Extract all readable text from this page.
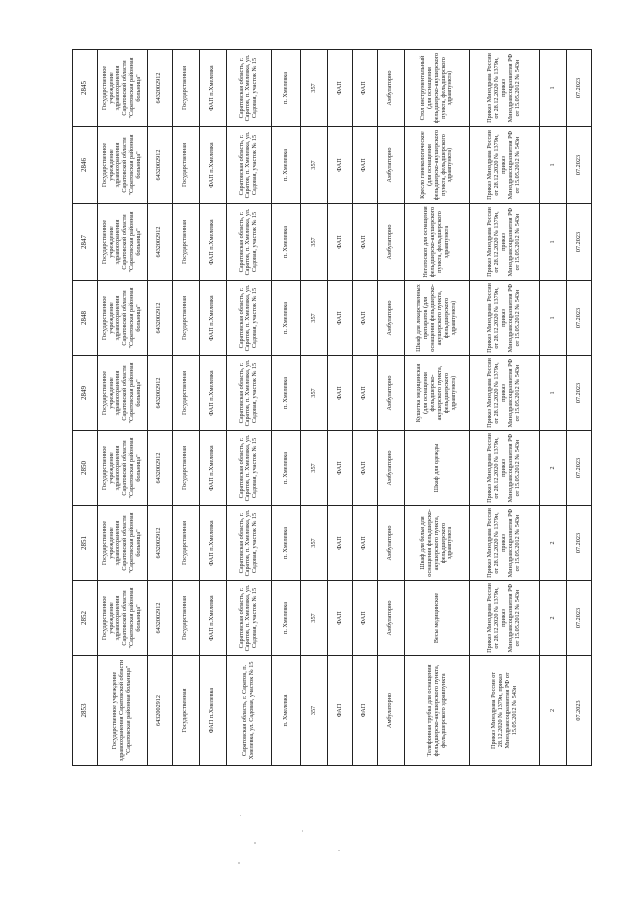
2853	2852	2851	2850	2849	2848	2847	2846	2845
Государственное учреждение здравоохранения Саратовской области "Саратовская районная больница"	Государственное учреждение здравоохранения Саратовской области "Саратовская районная больница"	Государственное учреждение здравоохранения Саратовской области "Саратовская районная больница"	Государственное учреждение здравоохранения Саратовской области "Саратовская районная больница"	Государственное учреждение здравоохранения Саратовской области "Саратовская районная больница"	Государственное учреждение здравоохранения Саратовской области "Саратовская районная больница"	Государственное учреждение здравоохранения Саратовской области "Саратовская районная больница"	Государственное учреждение здравоохранения Саратовской области "Саратовская районная больница"	Государственное учреждение здравоохранения Саратовской области "Саратовская районная больница"
6432002912	6432002912	6432002912	6432002912	6432002912	6432002912	6432002912	6432002912	6432002912
Государственная	Государственная	Государственная	Государственная	Государственная	Государственная	Государственная	Государственная	Государственная
ФАП п.Хмелевка	ФАП п.Хмелевка	ФАП п.Хмелевка	ФАП п.Хмелевка	ФАП п.Хмелевка	ФАП п.Хмелевка	ФАП п.Хмелевка	ФАП п.Хмелевка	ФАП п.Хмелевка
Саратовская область, г. Саратов, п. Хмелевка, ул. Садовая, участок № 15	Саратовская область, г. Саратов, п. Хмелевка, ул. Садовая, участок № 15	Саратовская область, г. Саратов, п. Хмелевка, ул. Садовая, участок № 15	Саратовская область, г. Саратов, п. Хмелевка, ул. Садовая, участок № 15	Саратовская область, г. Саратов, п. Хмелевка, ул. Садовая, участок № 15	Саратовская область, г. Саратов, п. Хмелевка, ул. Садовая, участок № 15	Саратовская область, г. Саратов, п. Хмелевка, ул. Садовая, участок № 15	Саратовская область, г. Саратов, п. Хмелевка, ул. Садовая, участок № 15	Саратовская область, г. Саратов, п. Хмелевка, ул. Садовая, участок № 15
п. Хмелевка	п. Хмелевка	п. Хмелевка	п. Хмелевка	п. Хмелевка	п. Хмелевка	п. Хмелевка	п. Хмелевка	п. Хмелевка
357	357	357	357	357	357	357	357	357
ФАП	ФАП	ФАП	ФАП	ФАП	ФАП	ФАП	ФАП	ФАП
ФАП	ФАП	ФАП	ФАП	ФАП	ФАП	ФАП	ФАП	ФАП
Амбулаторно	Амбулаторно	Амбулаторно	Амбулаторно	Амбулаторно	Амбулаторно	Амбулаторно	Амбулаторно	Амбулаторно
Телефонная трубка для оснащения фельдшерско-акушерского пункта, фельдшерского здравпункта	Весы медицинские	Шкаф для белья для оснащения фельдшерско-акушерского пункта, фельдшерского здравпункта	Шкаф для одежды	Кушетка медицинская (для оснащения фельдшерско-акушерского пункта, фельдшерского здравпункта)	Шкаф для лекарственных препаратов (для оснащения фельдшерско-акушерского пункта, фельдшерского здравпункта)	Негатоскоп для оснащения фельдшерско-акушерского пункта, фельдшерского здравпункта	Кресло гинекологическое (для оснащения фельдшерско-акушерского пункта, фельдшерского здравпункта)	Стол инструментальный (для оснащения фельдшерско-акушерского пункта, фельдшерского здравпункта)
Приказ Минздрава России от 28.12.2020 № 1379н, приказ Минздравсоцразвития РФ от 15.05.2012 № 543н	Приказ Минздрава России от 28.12.2020 № 1379н, приказ Минздравсоцразвития РФ от 15.05.2012 № 543н	Приказ Минздрава России от 28.12.2020 № 1379н, приказ Минздравсоцразвития РФ от 15.05.2012 № 543н	Приказ Минздрава России от 28.12.2020 № 1379н, приказ Минздравсоцразвития РФ от 15.05.2012 № 543н	Приказ Минздрава России от 28.12.2020 № 1379н, приказ Минздравсоцразвития РФ от 15.05.2012 № 543н	Приказ Минздрава России от 28.12.2020 № 1379н, приказ Минздравсоцразвития РФ от 15.05.2012 № 543н	Приказ Минздрава России от 28.12.2020 № 1379н, приказ Минздравсоцразвития РФ от 15.05.2012 № 543н	Приказ Минздрава России от 28.12.2020 № 1379н, приказ Минздравсоцразвития РФ от 15.05.2012 № 543н	Приказ Минздрава России от 28.12.2020 № 1379н, приказ Минздравсоцразвития РФ от 15.05.2012 № 543н
2	2	2	2	1	1	1	1	1
07.2023	07.2023	07.2023	07.2023	07.2023	07.2023	07.2023	07.2023	07.2023
